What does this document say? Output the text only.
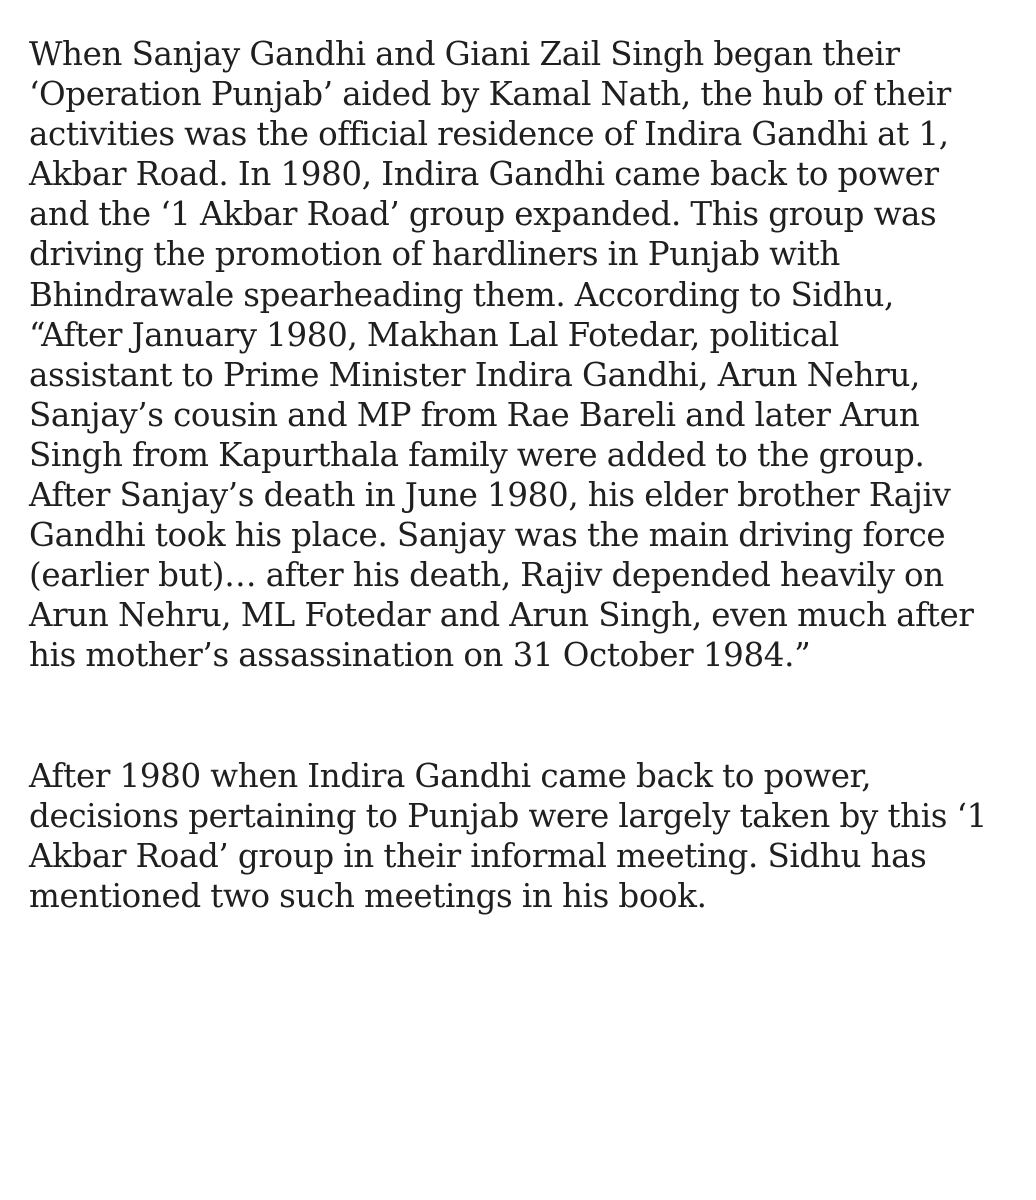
When Sanjay Gandhi and Giani Zail Singh began their
‘Operation Punjab’ aided by Kamal Nath, the hub of their
activities was the official residence of Indira Gandhi at 1,
Akbar Road. In 1980, Indira Gandhi came back to power
and the ‘1 Akbar Road’ group expanded. This group was
driving the promotion of hardliners in Punjab with
Bhindrawale spearheading them. According to Sidhu,
“After January 1980, Makhan Lal Fotedar, political
assistant to Prime Minister Indira Gandhi, Arun Nehru,
Sanjay’s cousin and MP from Rae Bareli and later Arun
Singh from Kapurthala family were added to the group.
After Sanjay’s death in June 1980, his elder brother Rajiv
Gandhi took his place. Sanjay was the main driving force
(earlier but)… after his death, Rajiv depended heavily on
Arun Nehru, ML Fotedar and Arun Singh, even much after
his mother’s assassination on 31 October 1984.”

After 1980 when Indira Gandhi came back to power,
decisions pertaining to Punjab were largely taken by this ‘1
Akbar Road’ group in their informal meeting. Sidhu has
mentioned two such meetings in his book.
